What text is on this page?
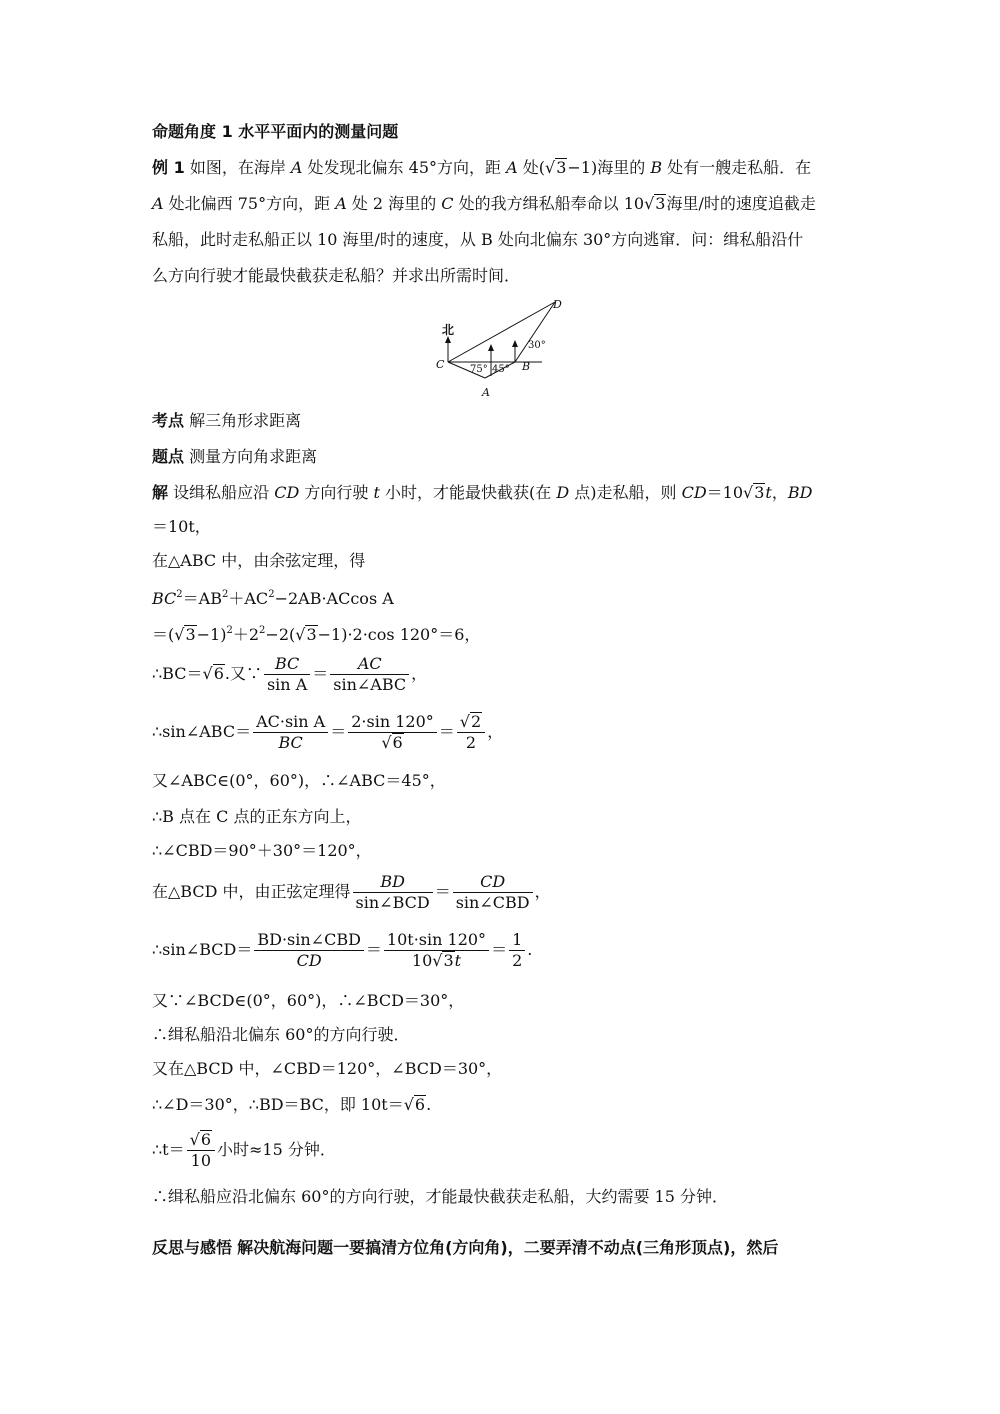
命题角度 1 水平平面内的测量问题
例 1 如图，在海岸 A 处发现北偏东 45°方向，距 A 处(√3−1)海里的 B 处有一艘走私船．在
A 处北偏西 75°方向，距 A 处 2 海里的 C 处的我方缉私船奉命以 10√3海里/时的速度追截走
私船，此时走私船正以 10 海里/时的速度，从 B 处向北偏东 30°方向逃窜．问：缉私船沿什
么方向行驶才能最快截获走私船？并求出所需时间．
北
C
A
B
D
75° 45°
30°
考点 解三角形求距离
题点 测量方向角求距离
解 设缉私船应沿 CD 方向行驶 t 小时，才能最快截获(在 D 点)走私船，则 CD＝10√3t，BD
＝10t，
在△ABC 中，由余弦定理，得
$BC^2=AB^2+AC^2-2AB\cdot ACcos$ A
$=(√3-1)^2+2^2-2(√3-1)\cdot 2\cdot\cos$ 120°＝6，
∴BC＝√6.又∵ $\frac{BC}{\text{sin A}} = \frac{AC}{\text{sin∠ABC}}$ ，
∴sin∠ABC＝ $\frac{\text{AC·sin A}}{BC} = \frac{2\cdot\sin 120^\circ}{√6} = \frac{√2}{2}$ ，
又∠ABC∈(0°，60°)，∴∠ABC＝45°，
∴B 点在 C 点的正东方向上，
∴∠CBD＝90°＋30°＝120°，
在△BCD 中，由正弦定理得 $\frac{BD}{\text{sin∠BCD}} = \frac{CD}{\text{sin∠CBD}}$ ，
∴sin∠BCD＝ $\frac{\text{BD·sin∠CBD}}{CD} = \frac{10t\cdot\sin 120^\circ}{10√3t} = \frac{1}{2}$ .
又∵∠BCD∈(0°，60°)，∴∠BCD＝30°，
∴缉私船沿北偏东 60°的方向行驶．
又在△BCD 中，∠CBD＝120°，∠BCD＝30°，
∴∠D＝30°，∴BD＝BC，即 10t＝√6.
∴t＝ $\frac{√6}{10}$ 小时≈15 分钟．
∴缉私船应沿北偏东 60°的方向行驶，才能最快截获走私船，大约需要 15 分钟．
反思与感悟 解决航海问题一要搞清方位角(方向角)，二要弄清不动点(三角形顶点)，然后
